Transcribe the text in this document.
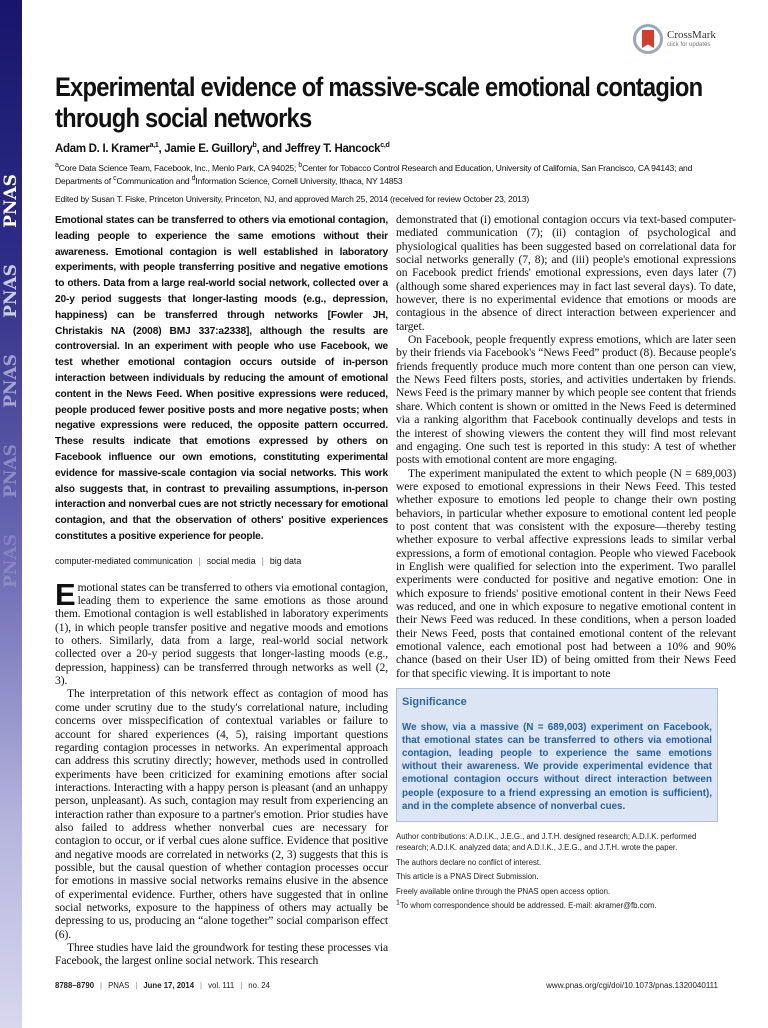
PNAS
PNAS
PNAS
PNAS
PNAS
CrossMark
click for updates
Experimental evidence of massive-scale emotional contagion through social networks
Adam D. I. Kramer$^{a,1}$, Jamie E. Guillory$^b$, and Jeffrey T. Hancock$^{c,d}$
$^a$Core Data Science Team, Facebook, Inc., Menlo Park, CA 94025; $^b$Center for Tobacco Control Research and Education, University of California, San Francisco, CA 94143; and Departments of $^c$Communication and $^d$Information Science, Cornell University, Ithaca, NY 14853
Edited by Susan T. Fiske, Princeton University, Princeton, NJ, and approved March 25, 2014 (received for review October 23, 2013)
Emotional states can be transferred to others via emotional contagion, leading people to experience the same emotions without their awareness. Emotional contagion is well established in laboratory experiments, with people transferring positive and negative emotions to others. Data from a large real-world social network, collected over a 20-y period suggests that longer-lasting moods (e.g., depression, happiness) can be transferred through networks [Fowler JH, Christakis NA (2008) BMJ 337:a2338], although the results are controversial. In an experiment with people who use Facebook, we test whether emotional contagion occurs outside of in-person interaction between individuals by reducing the amount of emotional content in the News Feed. When positive expressions were reduced, people produced fewer positive posts and more negative posts; when negative expressions were reduced, the opposite pattern occurred. These results indicate that emotions expressed by others on Facebook influence our own emotions, constituting experimental evidence for massive-scale contagion via social networks. This work also suggests that, in contrast to prevailing assumptions, in-person interaction and nonverbal cues are not strictly necessary for emotional contagion, and that the observation of others' positive experiences constitutes a positive experience for people.
computer-mediated communication | social media | big data

Emotional states can be transferred to others via emotional contagion, leading them to experience the same emotions as those around them. Emotional contagion is well established in laboratory experiments (1), in which people transfer positive and negative moods and emotions to others. Similarly, data from a large, real-world social network collected over a 20-y period suggests that longer-lasting moods (e.g., depression, happiness) can be transferred through networks as well (2, 3).

The interpretation of this network effect as contagion of mood has come under scrutiny due to the study's correlational nature, including concerns over misspecification of contextual variables or failure to account for shared experiences (4, 5), raising important questions regarding contagion processes in networks. An experimental approach can address this scrutiny directly; however, methods used in controlled experiments have been criticized for examining emotions after social interactions. Interacting with a happy person is pleasant (and an unhappy person, unpleasant). As such, contagion may result from experiencing an interaction rather than exposure to a partner's emotion. Prior studies have also failed to address whether nonverbal cues are necessary for contagion to occur, or if verbal cues alone suffice. Evidence that positive and negative moods are correlated in networks (2, 3) suggests that this is possible, but the causal question of whether contagion processes occur for emotions in massive social networks remains elusive in the absence of experimental evidence. Further, others have suggested that in online social networks, exposure to the happiness of others may actually be depressing to us, producing an “alone together” social comparison effect (6).

Three studies have laid the groundwork for testing these processes via Facebook, the largest online social network. This research

demonstrated that (i) emotional contagion occurs via text-based computer-mediated communication (7); (ii) contagion of psychological and physiological qualities has been suggested based on correlational data for social networks generally (7, 8); and (iii) people's emotional expressions on Facebook predict friends' emotional expressions, even days later (7) (although some shared experiences may in fact last several days). To date, however, there is no experimental evidence that emotions or moods are contagious in the absence of direct interaction between experiencer and target.

On Facebook, people frequently express emotions, which are later seen by their friends via Facebook's “News Feed” product (8). Because people's friends frequently produce much more content than one person can view, the News Feed filters posts, stories, and activities undertaken by friends. News Feed is the primary manner by which people see content that friends share. Which content is shown or omitted in the News Feed is determined via a ranking algorithm that Facebook continually develops and tests in the interest of showing viewers the content they will find most relevant and engaging. One such test is reported in this study: A test of whether posts with emotional content are more engaging.

The experiment manipulated the extent to which people (N = 689,003) were exposed to emotional expressions in their News Feed. This tested whether exposure to emotions led people to change their own posting behaviors, in particular whether exposure to emotional content led people to post content that was consistent with the exposure—thereby testing whether exposure to verbal affective expressions leads to similar verbal expressions, a form of emotional contagion. People who viewed Facebook in English were qualified for selection into the experiment. Two parallel experiments were conducted for positive and negative emotion: One in which exposure to friends' positive emotional content in their News Feed was reduced, and one in which exposure to negative emotional content in their News Feed was reduced. In these conditions, when a person loaded their News Feed, posts that contained emotional content of the relevant emotional valence, each emotional post had between a 10% and 90% chance (based on their User ID) of being omitted from their News Feed for that specific viewing. It is important to note

Significance
We show, via a massive (N = 689,003) experiment on Facebook, that emotional states can be transferred to others via emotional contagion, leading people to experience the same emotions without their awareness. We provide experimental evidence that emotional contagion occurs without direct interaction between people (exposure to a friend expressing an emotion is sufficient), and in the complete absence of nonverbal cues.
Author contributions: A.D.I.K., J.E.G., and J.T.H. designed research; A.D.I.K. performed research; A.D.I.K. analyzed data; and A.D.I.K., J.E.G., and J.T.H. wrote the paper.
The authors declare no conflict of interest.
This article is a PNAS Direct Submission.
Freely available online through the PNAS open access option.
$^1$To whom correspondence should be addressed. E-mail: akramer@fb.com.
8788–8790 | PNAS | June 17, 2014 | vol. 111 | no. 24	www.pnas.org/cgi/doi/10.1073/pnas.1320040111
